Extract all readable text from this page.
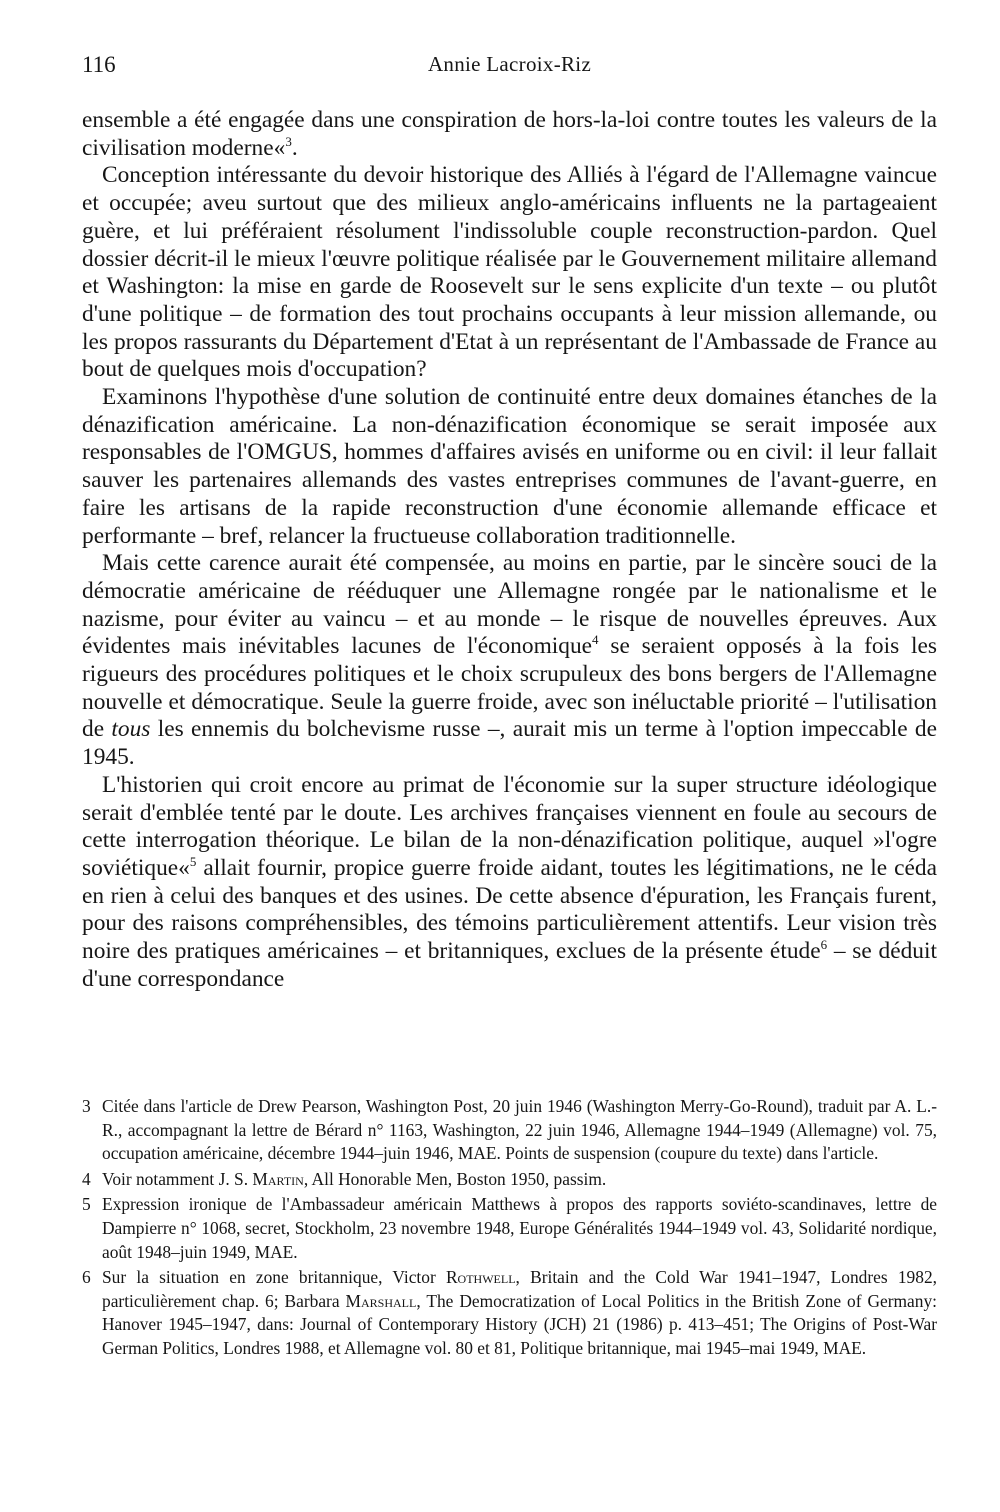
116	Annie Lacroix-Riz

ensemble a été engagée dans une conspiration de hors-la-loi contre toutes les valeurs de la civilisation moderne«$^3$.

Conception intéressante du devoir historique des Alliés à l'égard de l'Allemagne vaincue et occupée; aveu surtout que des milieux anglo-américains influents ne la partageaient guère, et lui préféraient résolument l'indissoluble couple reconstruction-pardon. Quel dossier décrit-il le mieux l'œuvre politique réalisée par le Gouvernement militaire allemand et Washington: la mise en garde de Roosevelt sur le sens explicite d'un texte – ou plutôt d'une politique – de formation des tout prochains occupants à leur mission allemande, ou les propos rassurants du Département d'Etat à un représentant de l'Ambassade de France au bout de quelques mois d'occupation?

Examinons l'hypothèse d'une solution de continuité entre deux domaines étanches de la dénazification américaine. La non-dénazification économique se serait imposée aux responsables de l'OMGUS, hommes d'affaires avisés en uniforme ou en civil: il leur fallait sauver les partenaires allemands des vastes entreprises communes de l'avant-guerre, en faire les artisans de la rapide reconstruction d'une économie allemande efficace et performante – bref, relancer la fructueuse collaboration traditionnelle.

Mais cette carence aurait été compensée, au moins en partie, par le sincère souci de la démocratie américaine de rééduquer une Allemagne rongée par le nationalisme et le nazisme, pour éviter au vaincu – et au monde – le risque de nouvelles épreuves. Aux évidentes mais inévitables lacunes de l'économique$^4$ se seraient opposés à la fois les rigueurs des procédures politiques et le choix scrupuleux des bons bergers de l'Allemagne nouvelle et démocratique. Seule la guerre froide, avec son inéluctable priorité – l'utilisation de tous les ennemis du bolchevisme russe –, aurait mis un terme à l'option impeccable de 1945.

L'historien qui croit encore au primat de l'économie sur la super structure idéologique serait d'emblée tenté par le doute. Les archives françaises viennent en foule au secours de cette interrogation théorique. Le bilan de la non-dénazification politique, auquel »l'ogre soviétique«$^5$ allait fournir, propice guerre froide aidant, toutes les légitimations, ne le céda en rien à celui des banques et des usines. De cette absence d'épuration, les Français furent, pour des raisons compréhensibles, des témoins particulièrement attentifs. Leur vision très noire des pratiques américaines – et britanniques, exclues de la présente étude$^6$ – se déduit d'une correspondance

3 Citée dans l'article de Drew Pearson, Washington Post, 20 juin 1946 (Washington Merry-Go-Round), traduit par A. L.-R., accompagnant la lettre de Bérard n° 1163, Washington, 22 juin 1946, Allemagne 1944–1949 (Allemagne) vol. 75, occupation américaine, décembre 1944–juin 1946, MAE. Points de suspension (coupure du texte) dans l'article.

4 Voir notamment J. S. Martin, All Honorable Men, Boston 1950, passim.

5 Expression ironique de l'Ambassadeur américain Matthews à propos des rapports soviéto-scandinaves, lettre de Dampierre n° 1068, secret, Stockholm, 23 novembre 1948, Europe Généralités 1944–1949 vol. 43, Solidarité nordique, août 1948–juin 1949, MAE.

6 Sur la situation en zone britannique, Victor Rothwell, Britain and the Cold War 1941–1947, Londres 1982, particulièrement chap. 6; Barbara Marshall, The Democratization of Local Politics in the British Zone of Germany: Hanover 1945–1947, dans: Journal of Contemporary History (JCH) 21 (1986) p. 413–451; The Origins of Post-War German Politics, Londres 1988, et Allemagne vol. 80 et 81, Politique britannique, mai 1945–mai 1949, MAE.
